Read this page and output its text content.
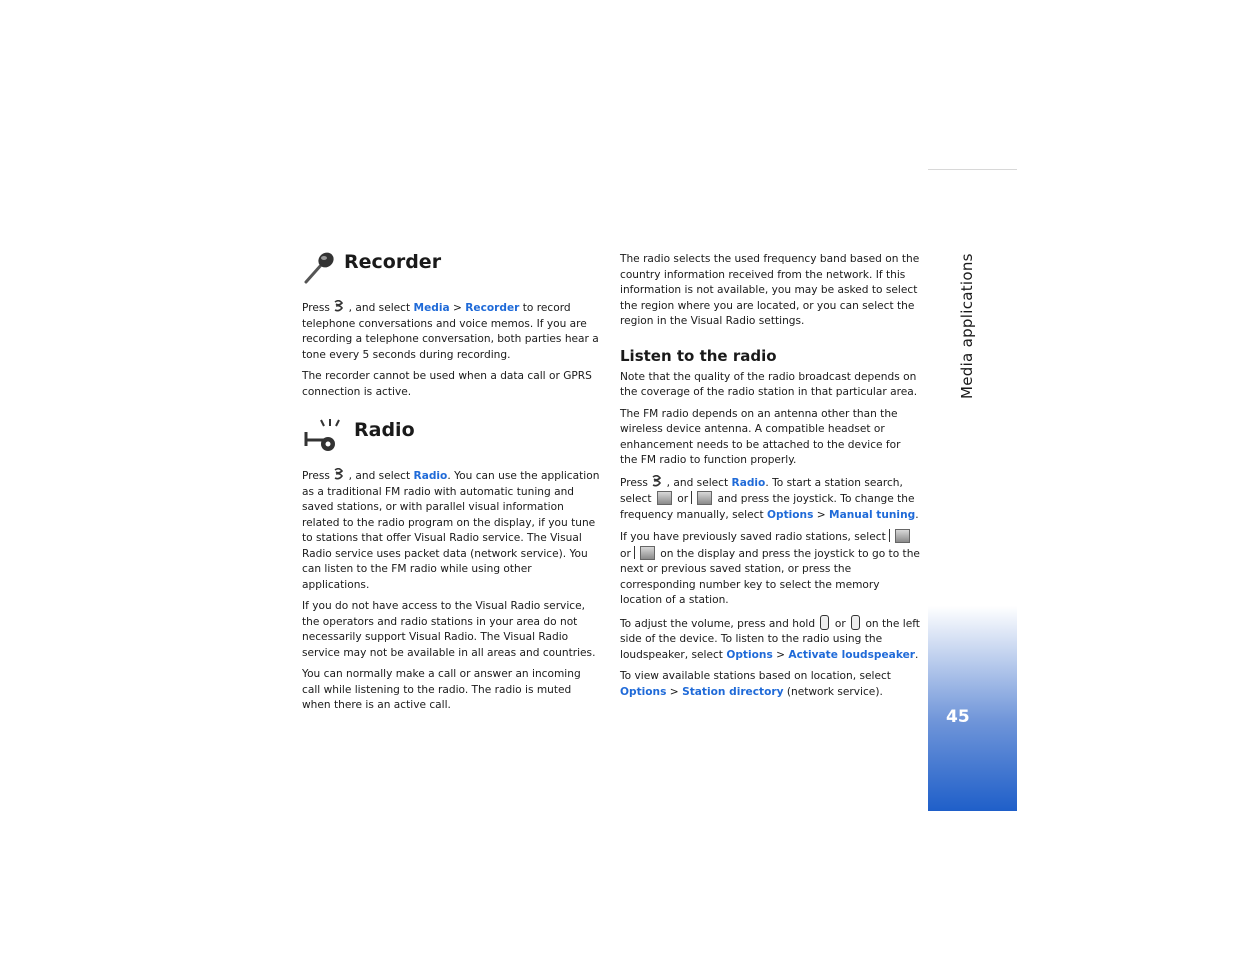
Recorder

Press , and select Media > Recorder to record telephone conversations and voice memos. If you are recording a telephone conversation, both parties hear a tone every 5 seconds during recording.

The recorder cannot be used when a data call or GPRS connection is active.

Radio

Press , and select Radio. You can use the application as a traditional FM radio with automatic tuning and saved stations, or with parallel visual information related to the radio program on the display, if you tune to stations that offer Visual Radio service. The Visual Radio service uses packet data (network service). You can listen to the FM radio while using other applications.

If you do not have access to the Visual Radio service, the operators and radio stations in your area do not necessarily support Visual Radio. The Visual Radio service may not be available in all areas and countries.

You can normally make a call or answer an incoming call while listening to the radio. The radio is muted when there is an active call.

The radio selects the used frequency band based on the country information received from the network. If this information is not available, you may be asked to select the region where you are located, or you can select the region in the Visual Radio settings.

Listen to the radio

Note that the quality of the radio broadcast depends on the coverage of the radio station in that particular area.

The FM radio depends on an antenna other than the wireless device antenna. A compatible headset or enhancement needs to be attached to the device for the FM radio to function properly.

Press , and select Radio. To start a station search, select or	and press the joystick. To change the frequency manually, select Options > Manual tuning.

If you have previously saved radio stations, select or	on the display and press the joystick to go to the next or previous saved station, or press the corresponding number key to select the memory location of a station.

To adjust the volume, press and hold or on the left side of the device. To listen to the radio using the loudspeaker, select Options > Activate loudspeaker.

To view available stations based on location, select Options > Station directory (network service).

Media applications
45
